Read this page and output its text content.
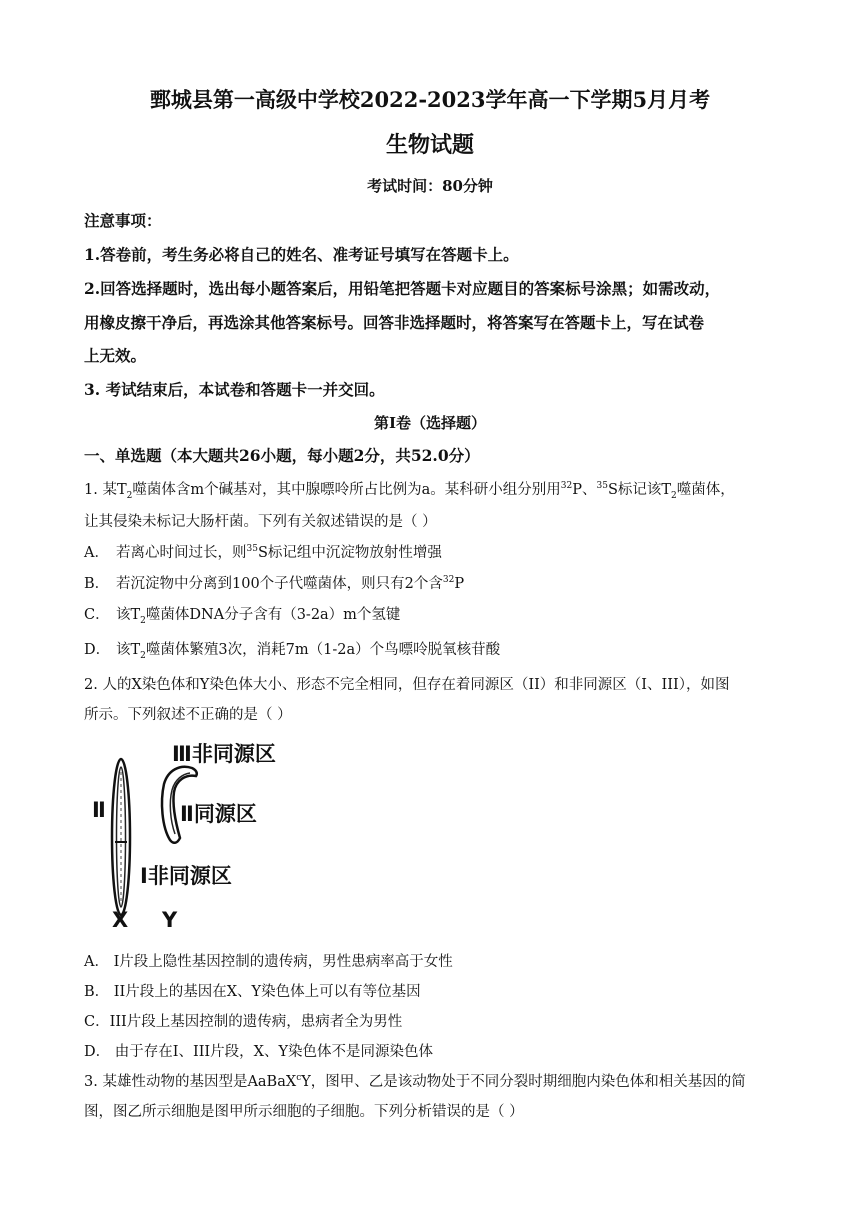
鄄城县第一高级中学校2022-2023学年高一下学期5月月考
生物试题
考试时间：80分钟
注意事项：
1.答卷前，考生务必将自己的姓名、准考证号填写在答题卡上。
2.回答选择题时，选出每小题答案后，用铅笔把答题卡对应题目的答案标号涂黑；如需改动，
用橡皮擦干净后，再选涂其他答案标号。回答非选择题时，将答案写在答题卡上，写在试卷
上无效。
3. 考试结束后，本试卷和答题卡一并交回。
第Ⅰ卷（选择题）
一、单选题（本大题共26小题，每小题2分，共52.0分）
1. 某$T_2$噬菌体含m个碱基对，其中腺嘌呤所占比例为a。某科研小组分别用$^{32}$P、$^{35}$S标记该$T_2$噬菌体，
让其侵染未标记大肠杆菌。下列有关叙述错误的是（ ）
A． 若离心时间过长，则$^{35}$S标记组中沉淀物放射性增强
B． 若沉淀物中分离到100个子代噬菌体，则只有2个含$^{32}$P
C． 该$T_2$噬菌体DNA分子含有（3-2a）m个氢键
D． 该$T_2$噬菌体繁殖3次，消耗7m（1-2a）个鸟嘌呤脱氧核苷酸
2. 人的X染色体和Y染色体大小、形态不完全相同，但存在着同源区（II）和非同源区（I、III），如图
所示。下列叙述不正确的是（ ）
Ⅲ非同源区
Ⅱ	Ⅱ同源区
Ⅰ非同源区
X Y
A． I片段上隐性基因控制的遗传病，男性患病率高于女性
B． II片段上的基因在X、Y染色体上可以有等位基因
C．III片段上基因控制的遗传病，患病者全为男性
D． 由于存在I、III片段，X、Y染色体不是同源染色体
3. 某雄性动物的基因型是AaBaX$^c$Y，图甲、乙是该动物处于不同分裂时期细胞内染色体和相关基因的简
图，图乙所示细胞是图甲所示细胞的子细胞。下列分析错误的是（ ）
